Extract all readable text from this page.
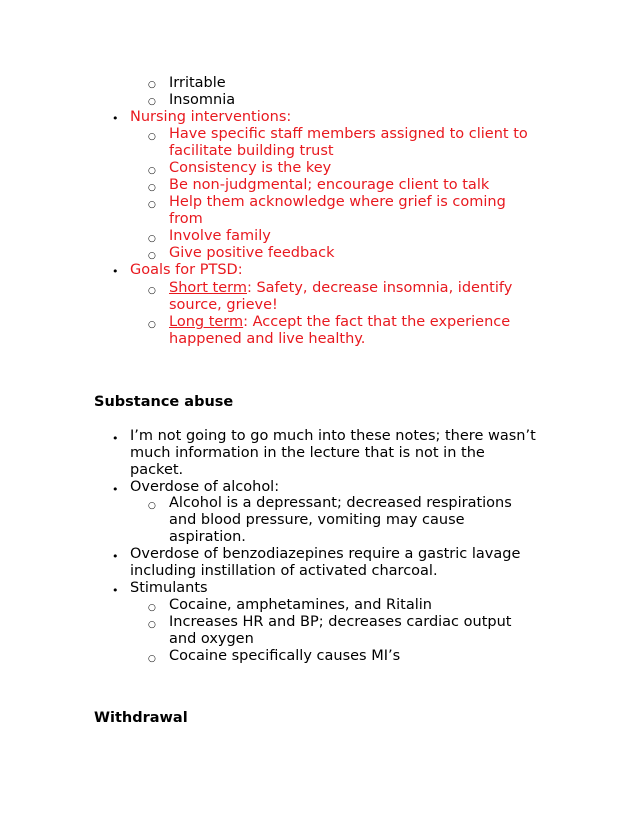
○ Irritable
○ Insomnia
• Nursing interventions:
○ Have specific staff members assigned to client to facilitate building trust
○ Consistency is the key
○ Be non-judgmental; encourage client to talk
○ Help them acknowledge where grief is coming from
○ Involve family
○ Give positive feedback
• Goals for PTSD:
○ Short term: Safety, decrease insomnia, identify source, grieve!
○ Long term: Accept the fact that the experience happened and live healthy.
Substance abuse
• I’m not going to go much into these notes; there wasn’t much information in the lecture that is not in the packet.
• Overdose of alcohol:
○ Alcohol is a depressant; decreased respirations and blood pressure, vomiting may cause aspiration.
• Overdose of benzodiazepines require a gastric lavage including instillation of activated charcoal.
• Stimulants
○ Cocaine, amphetamines, and Ritalin
○ Increases HR and BP; decreases cardiac output and oxygen
○ Cocaine specifically causes MI’s
Withdrawal
